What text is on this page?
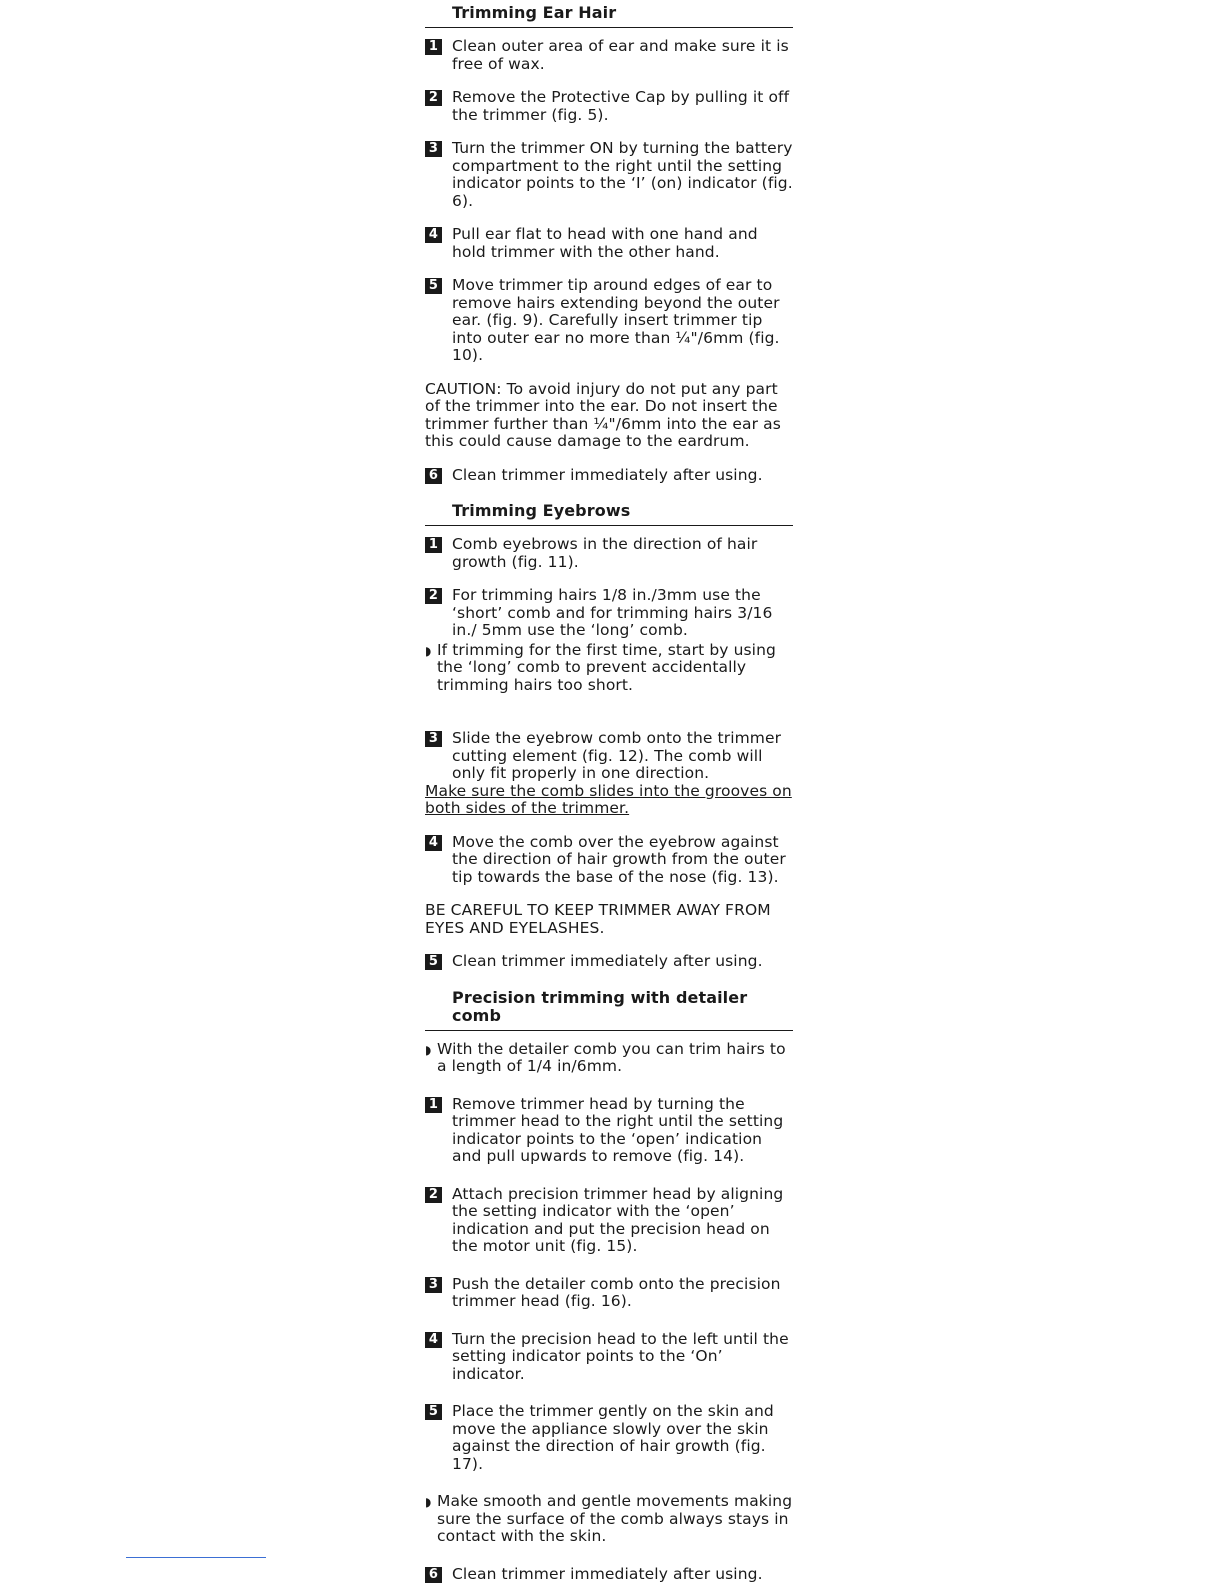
Trimming Ear Hair
1 Clean outer area of ear and make sure it is free of wax.
2 Remove the Protective Cap by pulling it off the trimmer (fig. 5).
3 Turn the trimmer ON by turning the battery compartment to the right until the setting indicator points to the ‘I’ (on) indicator (fig. 6).
4 Pull ear flat to head with one hand and hold trimmer with the other hand.
5 Move trimmer tip around edges of ear to remove hairs extending beyond the outer ear. (fig. 9). Carefully insert trimmer tip into outer ear no more than ¼"/6mm (fig. 10).
CAUTION: To avoid injury do not put any part of the trimmer into the ear. Do not insert the trimmer further than ¼"/6mm into the ear as this could cause damage to the eardrum.
6 Clean trimmer immediately after using.
Trimming Eyebrows
1 Comb eyebrows in the direction of hair growth (fig. 11).
2 For trimming hairs 1/8 in./3mm use the ‘short’ comb and for trimming hairs 3/16 in./ 5mm use the ‘long’ comb.
◗ If trimming for the first time, start by using the ‘long’ comb to prevent accidentally trimming hairs too short.
3 Slide the eyebrow comb onto the trimmer cutting element (fig. 12). The comb will only fit properly in one direction.
Make sure the comb slides into the grooves on both sides of the trimmer.
4 Move the comb over the eyebrow against the direction of hair growth from the outer tip towards the base of the nose (fig. 13).
BE CAREFUL TO KEEP TRIMMER AWAY FROM EYES AND EYELASHES.
5 Clean trimmer immediately after using.
Precision trimming with detailer comb
◗ With the detailer comb you can trim hairs to a length of 1/4 in/6mm.
1 Remove trimmer head by turning the trimmer head to the right until the setting indicator points to the ‘open’ indication and pull upwards to remove (fig. 14).
2 Attach precision trimmer head by aligning the setting indicator with the ‘open’ indication and put the precision head on the motor unit (fig. 15).
3 Push the detailer comb onto the precision trimmer head (fig. 16).
4 Turn the precision head to the left until the setting indicator points to the ‘On’ indicator.
5 Place the trimmer gently on the skin and move the appliance slowly over the skin against the direction of hair growth (fig. 17).
◗ Make smooth and gentle movements making sure the surface of the comb always stays in contact with the skin.
6 Clean trimmer immediately after using.
